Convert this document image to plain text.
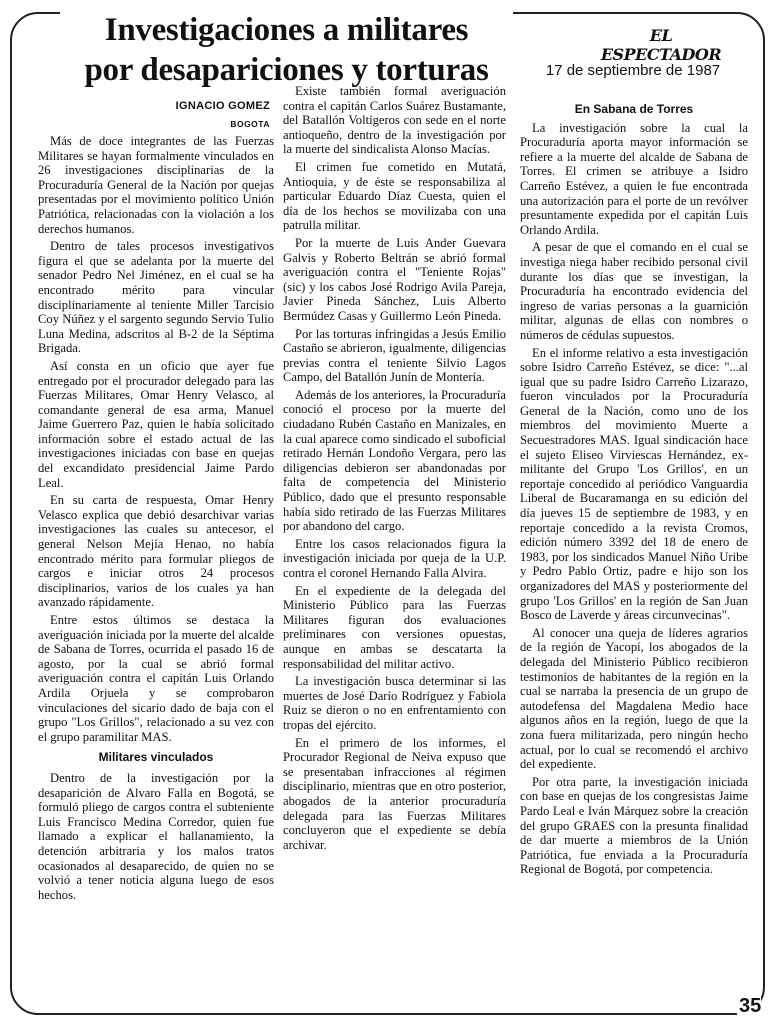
Investigaciones a militares
por desapariciones y torturas
EL ESPECTADOR
17 de septiembre de 1987
IGNACIO GOMEZ
BOGOTA

Más de doce integrantes de las Fuerzas Militares se hayan formalmente vinculados en 26 investigaciones disciplinarias de la Procuraduría General de la Nación por quejas presentadas por el movimiento político Unión Patriótica, relacionadas con la violación a los derechos humanos.

Dentro de tales procesos investigativos figura el que se adelanta por la muerte del senador Pedro Nel Jiménez, en el cual se ha encontrado mérito para vincular disciplinariamente al teniente Miller Tarcisio Coy Núñez y el sargento segundo Servio Tulio Luna Medina, adscritos al B-2 de la Séptima Brigada.

Así consta en un oficio que ayer fue entregado por el procurador delegado para las Fuerzas Militares, Omar Henry Velasco, al comandante general de esa arma, Manuel Jaime Guerrero Paz, quien le había solicitado información sobre el estado actual de las investigaciones iniciadas con base en quejas del excandidato presidencial Jaime Pardo Leal.

En su carta de respuesta, Omar Henry Velasco explica que debió desarchivar varias investigaciones las cuales su antecesor, el general Nelson Mejía Henao, no había encontrado mérito para formular pliegos de cargos e iniciar otros 24 procesos disciplinarios, varios de los cuales ya han avanzado rápidamente.

Entre estos últimos se destaca la averiguación iniciada por la muerte del alcalde de Sabana de Torres, ocurrida el pasado 16 de agosto, por la cual se abrió formal averiguación contra el capitán Luis Orlando Ardila Orjuela y se comprobaron vinculaciones del sicario dado de baja con el grupo "Los Grillos", relacionado a su vez con el grupo paramilitar MAS.

Militares vinculados

Dentro de la investigación por la desaparición de Alvaro Falla en Bogotá, se formuló pliego de cargos contra el subteniente Luis Francisco Medina Corredor, quien fue llamado a explicar el hallanamiento, la detención arbitraria y los malos tratos ocasionados al desaparecido, de quien no se volvió a tener noticia alguna luego de esos hechos.

Existe también formal averiguación contra el capitán Carlos Suárez Bustamante, del Batallón Voltígeros con sede en el norte antioqueño, dentro de la investigación por la muerte del sindicalista Alonso Macías.

El crimen fue cometido en Mutatá, Antioquia, y de éste se responsabiliza al particular Eduardo Díaz Cuesta, quien el día de los hechos se movilizaba con una patrulla militar.

Por la muerte de Luis Ander Guevara Galvis y Roberto Beltrán se abrió formal averiguación contra el "Teniente Rojas" (sic) y los cabos José Rodrigo Avila Pareja, Javier Pineda Sánchez, Luis Alberto Bermúdez Casas y Guillermo León Pineda.

Por las torturas infringidas a Jesús Emilio Castaño se abrieron, igualmente, diligencias previas contra el teniente Silvio Lagos Campo, del Batallón Junín de Montería.

Además de los anteriores, la Procuraduría conoció el proceso por la muerte del ciudadano Rubén Castaño en Manizales, en la cual aparece como sindicado el suboficial retirado Hernán Londoño Vergara, pero las diligencias debieron ser abandonadas por falta de competencia del Ministerio Público, dado que el presunto responsable había sido retirado de las Fuerzas Militares por abandono del cargo.

Entre los casos relacionados figura la investigación iniciada por queja de la U.P. contra el coronel Hernando Falla Alvira.

En el expediente de la delegada del Ministerio Público para las Fuerzas Militares figuran dos evaluaciones preliminares con versiones opuestas, aunque en ambas se descatarta la responsabilidad del militar activo.

La investigación busca determinar si las muertes de José Darío Rodríguez y Fabiola Ruiz se dieron o no en enfrentamiento con tropas del ejército.

En el primero de los informes, el Procurador Regional de Neiva expuso que se presentaban infracciones al régimen disciplinario, mientras que en otro posterior, abogados de la anterior procuraduría delegada para las Fuerzas Militares concluyeron que el expediente se debía archivar.

En Sabana de Torres

La investigación sobre la cual la Procuraduría aporta mayor información se refiere a la muerte del alcalde de Sabana de Torres. El crimen se atribuye a Isidro Carreño Estévez, a quien le fue encontrada una autorización para el porte de un revólver presuntamente expedida por el capitán Luis Orlando Ardila.

A pesar de que el comando en el cual se investiga niega haber recibido personal civil durante los días que se investigan, la Procuraduría ha encontrado evidencia del ingreso de varias personas a la guarnición militar, algunas de ellas con nombres o números de cédulas supuestos.

En el informe relativo a esta investigación sobre Isidro Carreño Estévez, se dice: "...al igual que su padre Isidro Carreño Lizarazo, fueron vinculados por la Procuraduría General de la Nación, como uno de los miembros del movimiento Muerte a Secuestradores MAS. Igual sindicación hace el sujeto Eliseo Virviescas Hernández, ex-militante del Grupo 'Los Grillos', en un reportaje concedido al periódico Vanguardia Liberal de Bucaramanga en su edición del día jueves 15 de septiembre de 1983, y en reportaje concedido a la revista Cromos, edición número 3392 del 18 de enero de 1983, por los sindicados Manuel Niño Uribe y Pedro Pablo Ortiz, padre e hijo son los organizadores del MAS y posteriormente del grupo 'Los Grillos' en la región de San Juan Bosco de Laverde y áreas circunvecinas".

Al conocer una queja de líderes agrarios de la región de Yacopí, los abogados de la delegada del Ministerio Público recibieron testimonios de habitantes de la región en la cual se narraba la presencia de un grupo de autodefensa del Magdalena Medio hace algunos años en la región, luego de que la zona fuera militarizada, pero ningún hecho actual, por lo cual se recomendó el archivo del expediente.

Por otra parte, la investigación iniciada con base en quejas de los congresistas Jaime Pardo Leal e Iván Márquez sobre la creación del grupo GRAES con la presunta finalidad de dar muerte a miembros de la Unión Patriótica, fue enviada a la Procuraduría Regional de Bogotá, por competencia.

35
